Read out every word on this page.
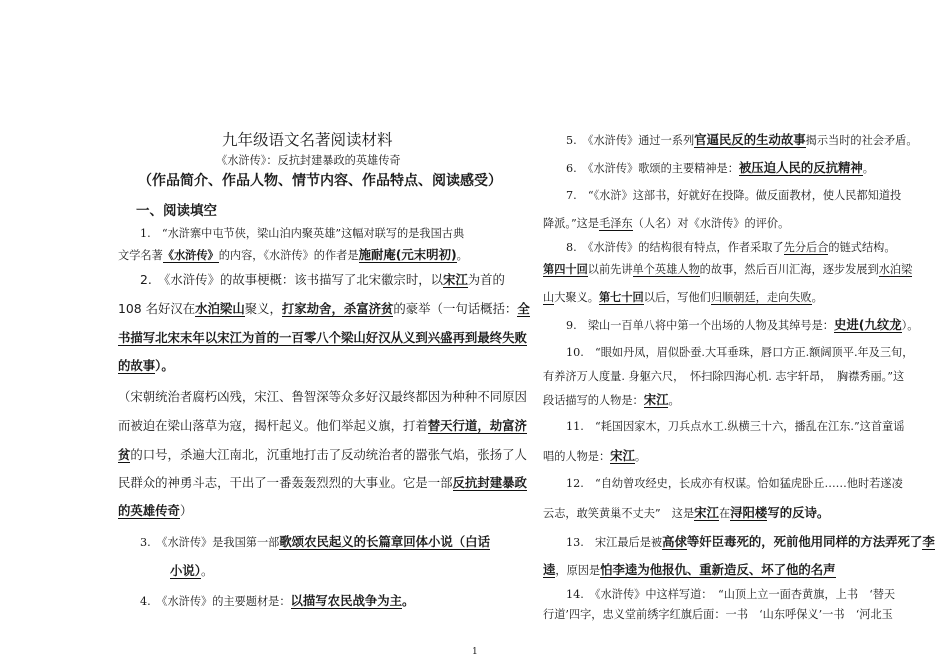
九年级语文名著阅读材料
《水浒传》：反抗封建暴政的英雄传奇
（作品简介、作品人物、情节内容、作品特点、阅读感受）
一、阅读填空

1.　“水浒寨中屯节侠，梁山泊内聚英雄”这幅对联写的是我国古典

文学名著《水浒传》的内容，《水浒传》的作者是施耐庵(元末明初)。

2.　《水浒传》的故事梗概：该书描写了北宋徽宗时，以宋江为首的

108 名好汉在水泊梁山聚义，打家劫舍，杀富济贫的豪举（一句话概括：全

书描写北宋末年以宋江为首的一百零八个梁山好汉从义到兴盛再到最终失败

的故事）。

（宋朝统治者腐朽凶残，宋江、鲁智深等众多好汉最终都因为种种不同原因

而被迫在梁山落草为寇，揭杆起义。他们举起义旗，打着替天行道，劫富济

贫的口号，杀遍大江南北，沉重地打击了反动统治者的嚣张气焰，张扬了人

民群众的神勇斗志，干出了一番轰轰烈烈的大事业。它是一部反抗封建暴政

的英雄传奇）

3.　《水浒传》是我国第一部歌颂农民起义的长篇章回体小说（白话

小说）。

4.　《水浒传》的主要题材是：以描写农民战争为主。

5.　《水浒传》通过一系列官逼民反的生动故事揭示当时的社会矛盾。

6.　《水浒传》歌颂的主要精神是：被压迫人民的反抗精神。

7.　“《水浒》这部书，好就好在投降。做反面教材，使人民都知道投

降派。”这是毛泽东（人名）对《水浒传》的评价。

8.　《水浒传》的结构很有特点，作者采取了先分后合的链式结构。

第四十回以前先讲单个英雄人物的故事，然后百川汇海，逐步发展到水泊梁

山大聚义。第七十回以后，写他们归顺朝廷，走向失败。

9.　梁山一百单八将中第一个出场的人物及其绰号是：史进(九纹龙）。

10.　“眼如丹凤，眉似卧蚕.大耳垂珠，唇口方正.额阔顶平.年及三旬，

有养济万人度量. 身躯六尺，　怀扫除四海心机. 志宇轩昂，　胸襟秀丽。”这

段话描写的人物是：宋江。

11.　“耗国因家木，刀兵点水工.纵横三十六，播乱在江东.”这首童谣

唱的人物是：宋江。

12.　“自幼曾攻经史，长成亦有权谋。恰如猛虎卧丘……他时若遂凌

云志，敢笑黄巢不丈夫”　这是宋江在浔阳楼写的反诗。

13.　宋江最后是被高俅等奸臣毒死的，死前他用同样的方法弄死了李

逵，原因是怕李逵为他报仇、重新造反、坏了他的名声

14.　《水浒传》中这样写道：　“山顶上立一面杏黄旗，上书　‘替天

行道’四字，忠义堂前绣字红旗后面：一书　‘山东呼保义’一书　‘河北玉

1
